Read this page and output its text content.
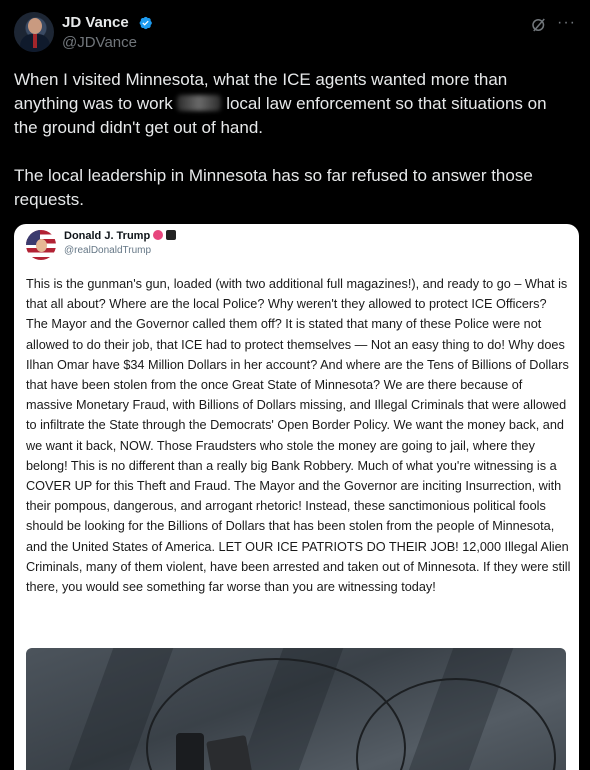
JD Vance
@JDVance
···

When I visited Minnesota, what the ICE agents wanted more than anything was to work	local law enforcement so that situations on the ground didn't get out of hand.

The local leadership in Minnesota has so far refused to answer those requests.

Donald J. Trump
@realDonaldTrump
This is the gunman's gun, loaded (with two additional full magazines!), and ready to go – What is that all about? Where are the local Police? Why weren't they allowed to protect ICE Officers? The Mayor and the Governor called them off? It is stated that many of these Police were not allowed to do their job, that ICE had to protect themselves — Not an easy thing to do! Why does Ilhan Omar have $34 Million Dollars in her account? And where are the Tens of Billions of Dollars that have been stolen from the once Great State of Minnesota? We are there because of massive Monetary Fraud, with Billions of Dollars missing, and Illegal Criminals that were allowed to infiltrate the State through the Democrats' Open Border Policy. We want the money back, and we want it back, NOW. Those Fraudsters who stole the money are going to jail, where they belong! This is no different than a really big Bank Robbery. Much of what you're witnessing is a COVER UP for this Theft and Fraud. The Mayor and the Governor are inciting Insurrection, with their pompous, dangerous, and arrogant rhetoric! Instead, these sanctimonious political fools should be looking for the Billions of Dollars that has been stolen from the people of Minnesota, and the United States of America. LET OUR ICE PATRIOTS DO THEIR JOB! 12,000 Illegal Alien Criminals, many of them violent, have been arrested and taken out of Minnesota. If they were still there, you would see something far worse than you are witnessing today!
